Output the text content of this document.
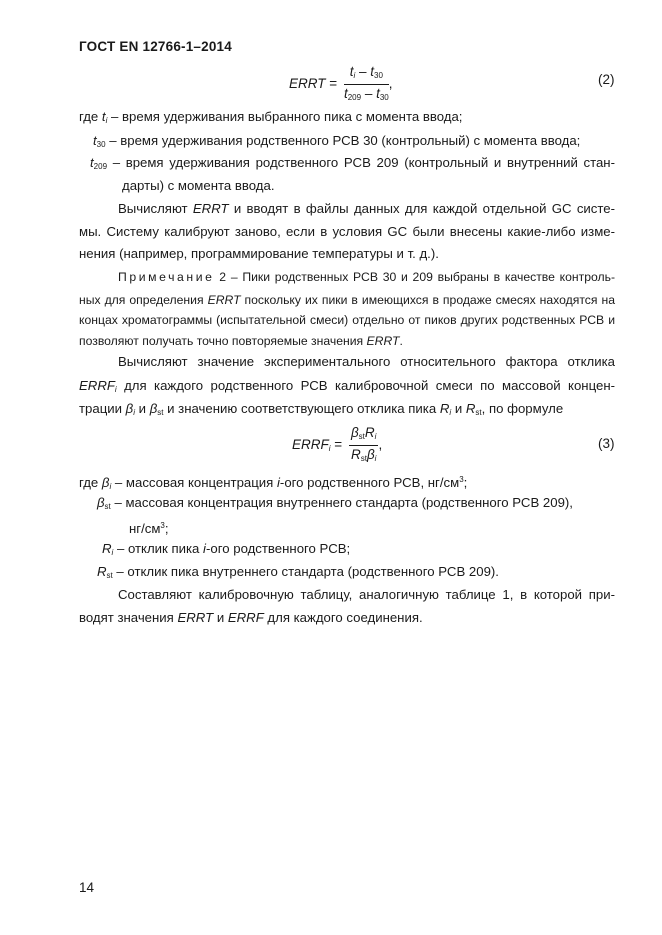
ГОСТ EN 12766-1–2014
ERRT = $\frac{t_i - t_{30}}{t_{209} - t_{30}}$ ,	(2)
где $t_i$ – время удерживания выбранного пика с момента ввода;
$t_{30}$ – время удерживания родственного РСВ 30 (контрольный) с момента ввода;
$t_{209}$ – время удерживания родственного РСВ 209 (контрольный и внутренний стан-
дарты) с момента ввода.
Вычисляют ERRT и вводят в файлы данных для каждой отдельной GC систе-
мы. Систему калибруют заново, если в условия GC были внесены какие-либо изме-
нения (например, программирование температуры и т. д.).
Примечание 2 – Пики родственных РСВ 30 и 209 выбраны в качестве контроль-
ных для определения ERRT поскольку их пики в имеющихся в продаже смесях находятся на
концах хроматограммы (испытательной смеси) отдельно от пиков других родственных РСВ и
позволяют получать точно повторяемые значения ERRT.
Вычисляют значение экспериментального относительного фактора отклика
$ERRF_i$ для каждого родственного РСВ калибровочной смеси по массовой концен-
трации $\beta_i$ и $\beta_{st}$ и значению соответствующего отклика пика $R_i$ и $R_{st}$, по формуле
$ERRF_i = \frac{\beta_{st}R_i}{R_{st}\beta_i}$ ,	(3)
где $\beta_i$ – массовая концентрация i-ого родственного РСВ, $нг/см^3$;
$\beta_{st}$ – массовая концентрация внутреннего стандарта (родственного РСВ 209),
$нг/см^3$;
$R_i$ – отклик пика i-ого родственного РСВ;
$R_{st}$ – отклик пика внутреннего стандарта (родственного РСВ 209).
Составляют калибровочную таблицу, аналогичную таблице 1, в которой при-
водят значения ERRT и ERRF для каждого соединения.
14
